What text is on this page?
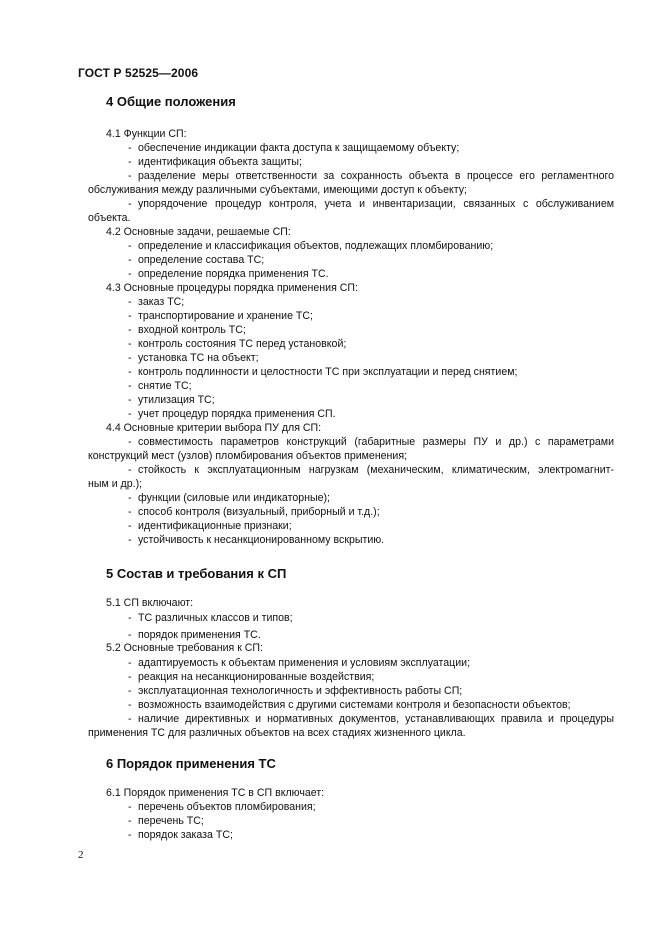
ГОСТ Р 52525—2006
4 Общие положения
4.1 Функции СП:
- обеспечение индикации факта доступа к защищаемому объекту;
- идентификация объекта защиты;
- разделение меры ответственности за сохранность объекта в процессе его регламентного
обслуживания между различными субъектами, имеющими доступ к объекту;
- упорядочение процедур контроля, учета и инвентаризации, связанных с обслуживанием
объекта.
4.2 Основные задачи, решаемые СП:
- определение и классификация объектов, подлежащих пломбированию;
- определение состава ТС;
- определение порядка применения ТС.
4.3 Основные процедуры порядка применения СП:
- заказ ТС;
- транспортирование и хранение ТС;
- входной контроль ТС;
- контроль состояния ТС перед установкой;
- установка ТС на объект;
- контроль подлинности и целостности ТС при эксплуатации и перед снятием;
- снятие ТС;
- утилизация ТС;
- учет процедур порядка применения СП.
4.4 Основные критерии выбора ПУ для СП:
- совместимость параметров конструкций (габаритные размеры ПУ и др.) с параметрами
конструкций мест (узлов) пломбирования объектов применения;
- стойкость к эксплуатационным нагрузкам (механическим, климатическим, электромагнит-
ным и др.);
- функции (силовые или индикаторные);
- способ контроля (визуальный, приборный и т.д.);
- идентификационные признаки;
- устойчивость к несанкционированному вскрытию.
5 Состав и требования к СП
5.1 СП включают:
- ТС различных классов и типов;
- порядок применения ТС.
5.2 Основные требования к СП:
- адаптируемость к объектам применения и условиям эксплуатации;
- реакция на несанкционированные воздействия;
- эксплуатационная технологичность и эффективность работы СП;
- возможность взаимодействия с другими системами контроля и безопасности объектов;
- наличие директивных и нормативных документов, устанавливающих правила и процедуры
применения ТС для различных объектов на всех стадиях жизненного цикла.
6 Порядок применения ТС
6.1 Порядок применения ТС в СП включает:
- перечень объектов пломбирования;
- перечень ТС;
- порядок заказа ТС;
2
